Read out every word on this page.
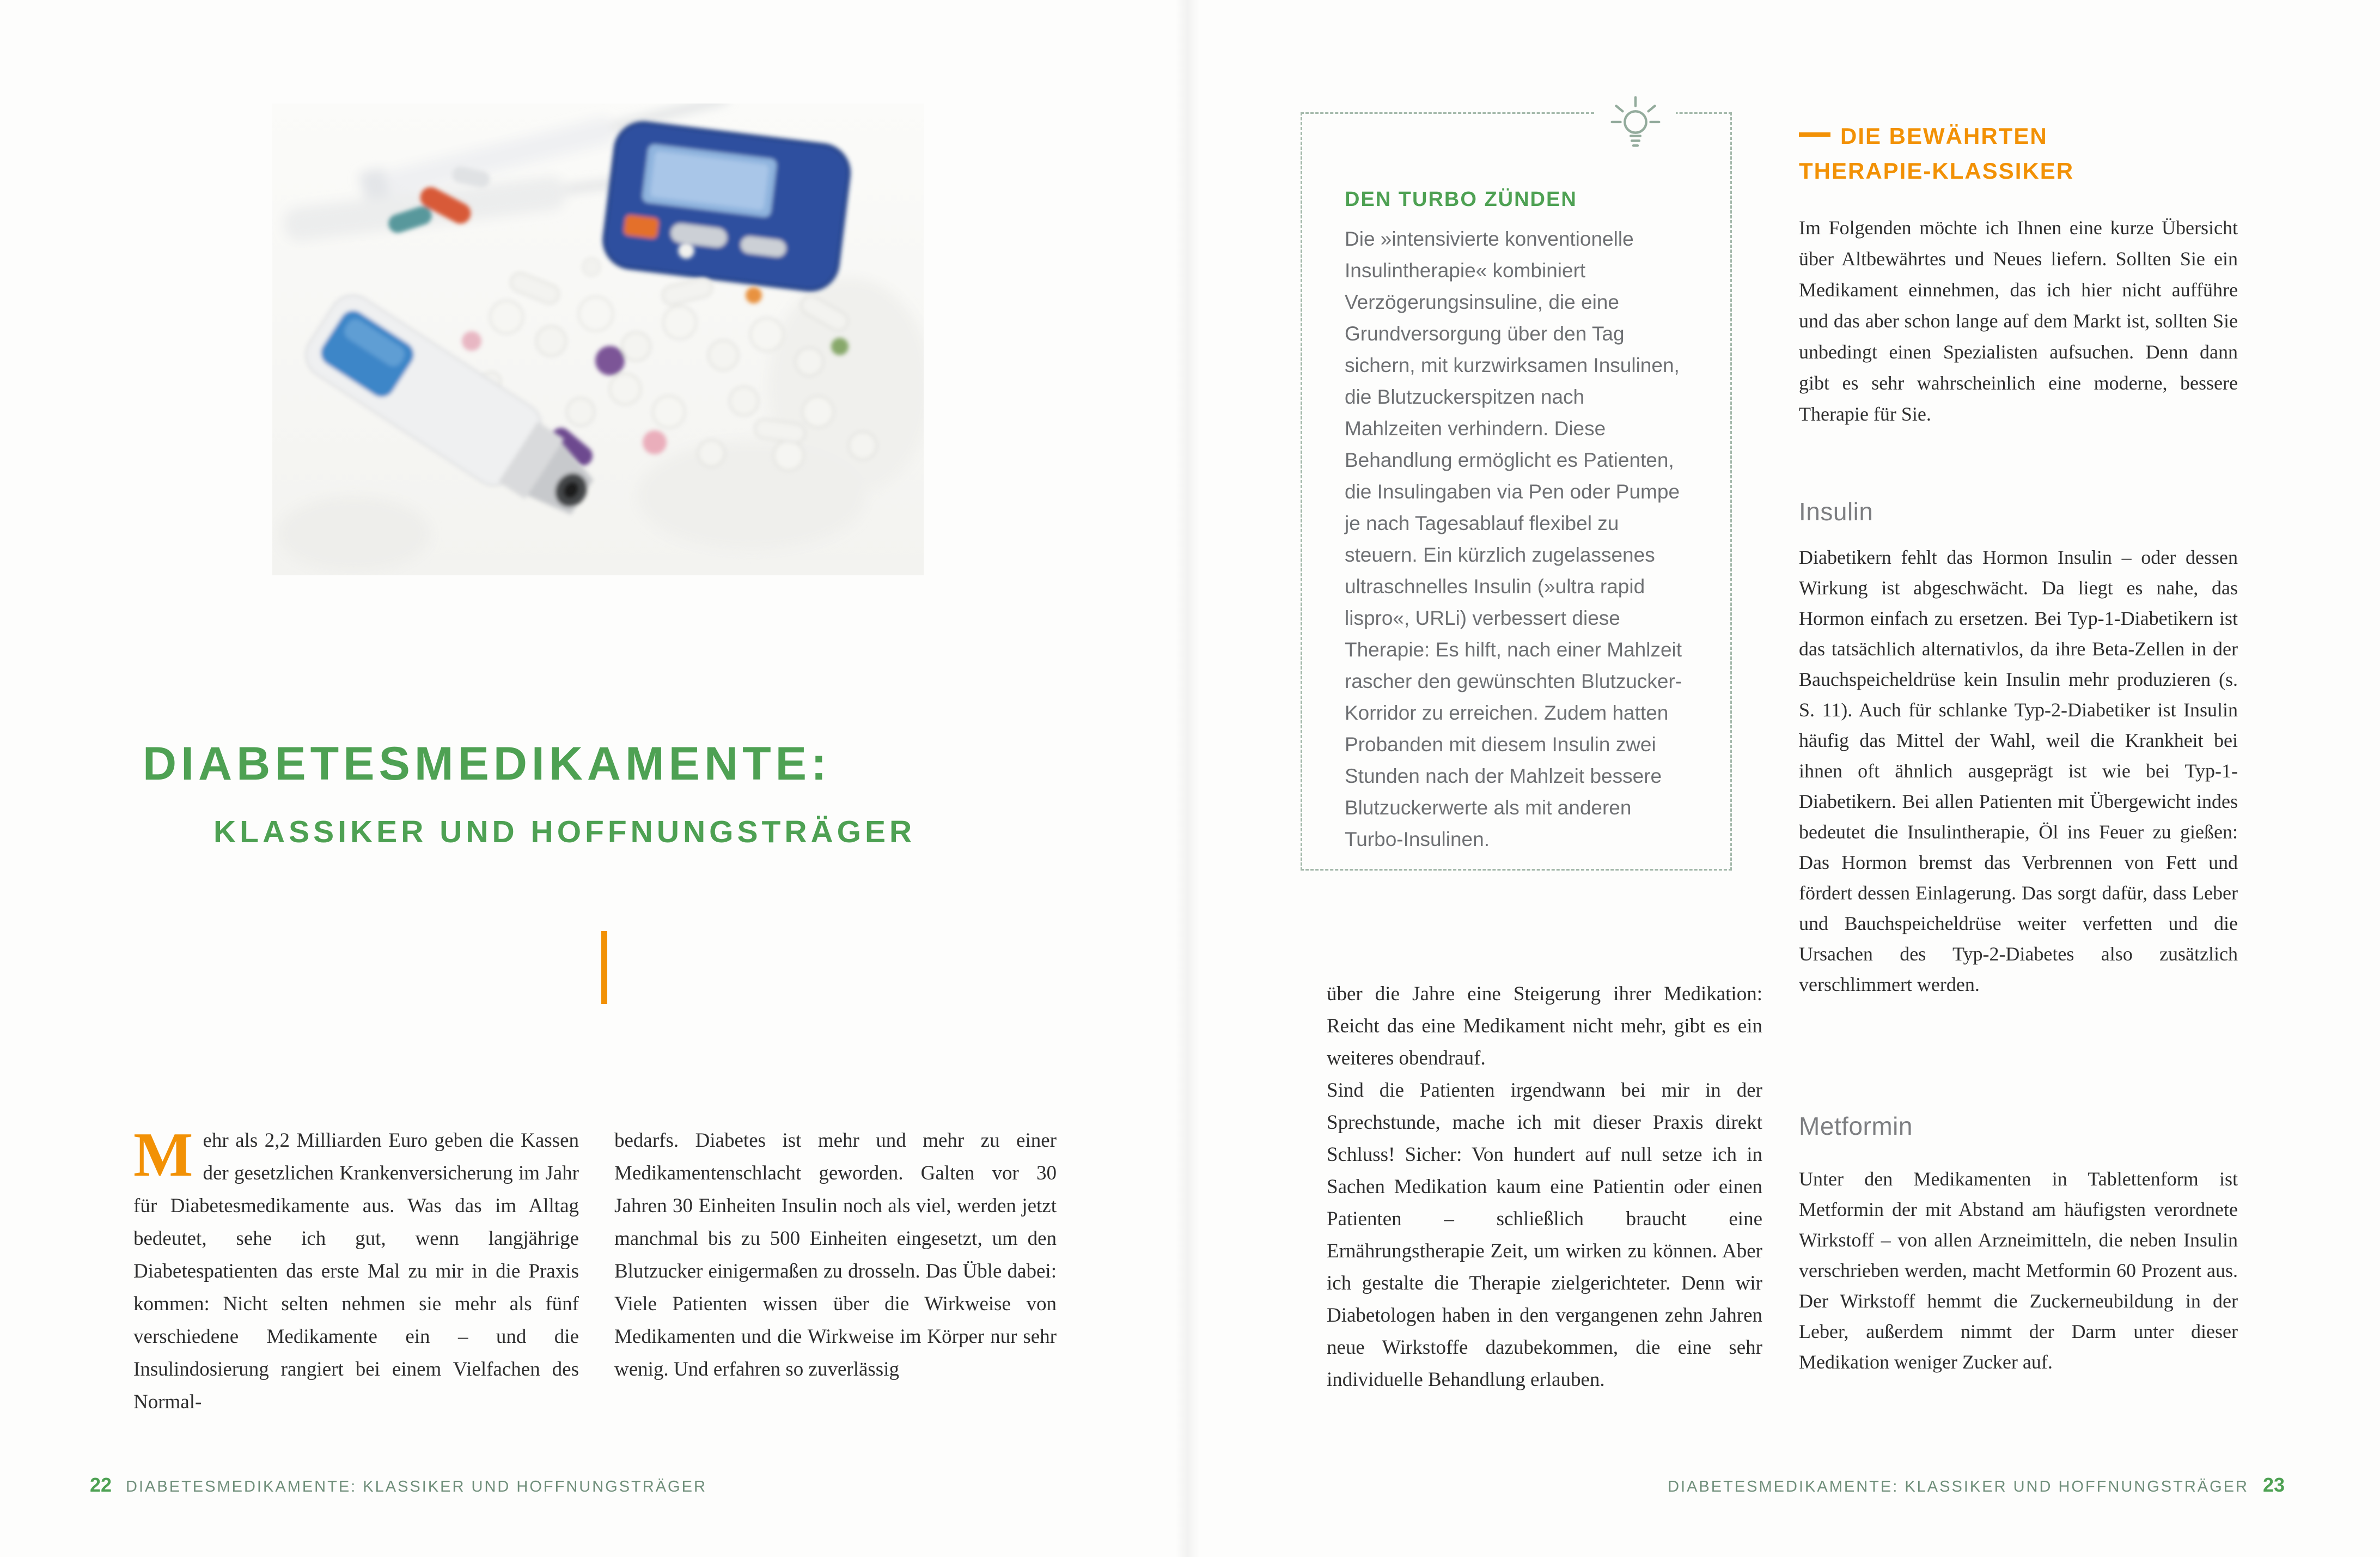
DIABETESMEDIKAMENTE:
KLASSIKER UND HOFFNUNGSTRÄGER

Mehr als 2,2 Milliarden Euro geben die Kassen der gesetzlichen Krankenversicherung im Jahr für Diabetesmedikamente aus. Was das im Alltag bedeutet, sehe ich gut, wenn langjährige Diabetespatienten das erste Mal zu mir in die Praxis kommen: Nicht selten nehmen sie mehr als fünf verschiedene Medikamente ein – und die Insulindosierung rangiert bei einem Vielfachen des Normal-

bedarfs. Diabetes ist mehr und mehr zu einer Medikamentenschlacht geworden. Galten vor 30 Jahren 30 Einheiten Insulin noch als viel, werden jetzt manchmal bis zu 500 Einheiten eingesetzt, um den Blutzucker einigermaßen zu drosseln. Das Üble dabei: Viele Patienten wissen über die Wirkweise von Medikamenten und die Wirkweise im Körper nur sehr wenig. Und erfahren so zuverlässig

22 DIABETESMEDIKAMENTE: KLASSIKER UND HOFFNUNGSTRÄGER
DEN TURBO ZÜNDEN

Die »intensivierte konventionelle Insulintherapie« kombiniert Verzögerungsinsuline, die eine Grundversorgung über den Tag sichern, mit kurzwirksamen Insulinen, die Blutzuckerspitzen nach Mahlzeiten verhindern. Diese Behandlung ermöglicht es Patienten, die Insulingaben via Pen oder Pumpe je nach Tagesablauf flexibel zu steuern. Ein kürzlich zugelassenes ultraschnelles Insulin (»ultra rapid lispro«, URLi) verbessert diese Therapie: Es hilft, nach einer Mahlzeit rascher den gewünschten Blutzucker-Korridor zu erreichen. Zudem hatten Probanden mit diesem Insulin zwei Stunden nach der Mahlzeit bessere Blutzuckerwerte als mit anderen Turbo-Insulinen.

über die Jahre eine Steigerung ihrer Medikation: Reicht das eine Medikament nicht mehr, gibt es ein weiteres obendrauf.

Sind die Patienten irgendwann bei mir in der Sprechstunde, mache ich mit dieser Praxis direkt Schluss! Sicher: Von hundert auf null setze ich in Sachen Medikation kaum eine Patientin oder einen Patienten – schließlich braucht eine Ernährungstherapie Zeit, um wirken zu können. Aber ich gestalte die Therapie zielgerichteter. Denn wir Diabetologen haben in den vergangenen zehn Jahren neue Wirkstoffe dazubekommen, die eine sehr individuelle Behandlung erlauben.

DIE BEWÄHRTEN
THERAPIE-KLASSIKER

Im Folgenden möchte ich Ihnen eine kurze Übersicht über Altbewährtes und Neues liefern. Sollten Sie ein Medikament einnehmen, das ich hier nicht aufführe und das aber schon lange auf dem Markt ist, sollten Sie unbedingt einen Spezialisten aufsuchen. Denn dann gibt es sehr wahrscheinlich eine moderne, bessere Therapie für Sie.

Insulin

Diabetikern fehlt das Hormon Insulin – oder dessen Wirkung ist abgeschwächt. Da liegt es nahe, das Hormon einfach zu ersetzen. Bei Typ-1-Diabetikern ist das tatsächlich alternativlos, da ihre Beta-Zellen in der Bauchspeicheldrüse kein Insulin mehr produzieren (s. S. 11). Auch für schlanke Typ-2-Diabetiker ist Insulin häufig das Mittel der Wahl, weil die Krankheit bei ihnen oft ähnlich ausgeprägt ist wie bei Typ-1-Diabetikern. Bei allen Patienten mit Übergewicht indes bedeutet die Insulintherapie, Öl ins Feuer zu gießen: Das Hormon bremst das Verbrennen von Fett und fördert dessen Einlagerung. Das sorgt dafür, dass Leber und Bauchspeicheldrüse weiter verfetten und die Ursachen des Typ-2-Diabetes also zusätzlich verschlimmert werden.

Metformin

Unter den Medikamenten in Tablettenform ist Metformin der mit Abstand am häufigsten verordnete Wirkstoff – von allen Arzneimitteln, die neben Insulin verschrieben werden, macht Metformin 60 Prozent aus. Der Wirkstoff hemmt die Zuckerneubildung in der Leber, außerdem nimmt der Darm unter dieser Medikation weniger Zucker auf.

DIABETESMEDIKAMENTE: KLASSIKER UND HOFFNUNGSTRÄGER 23
